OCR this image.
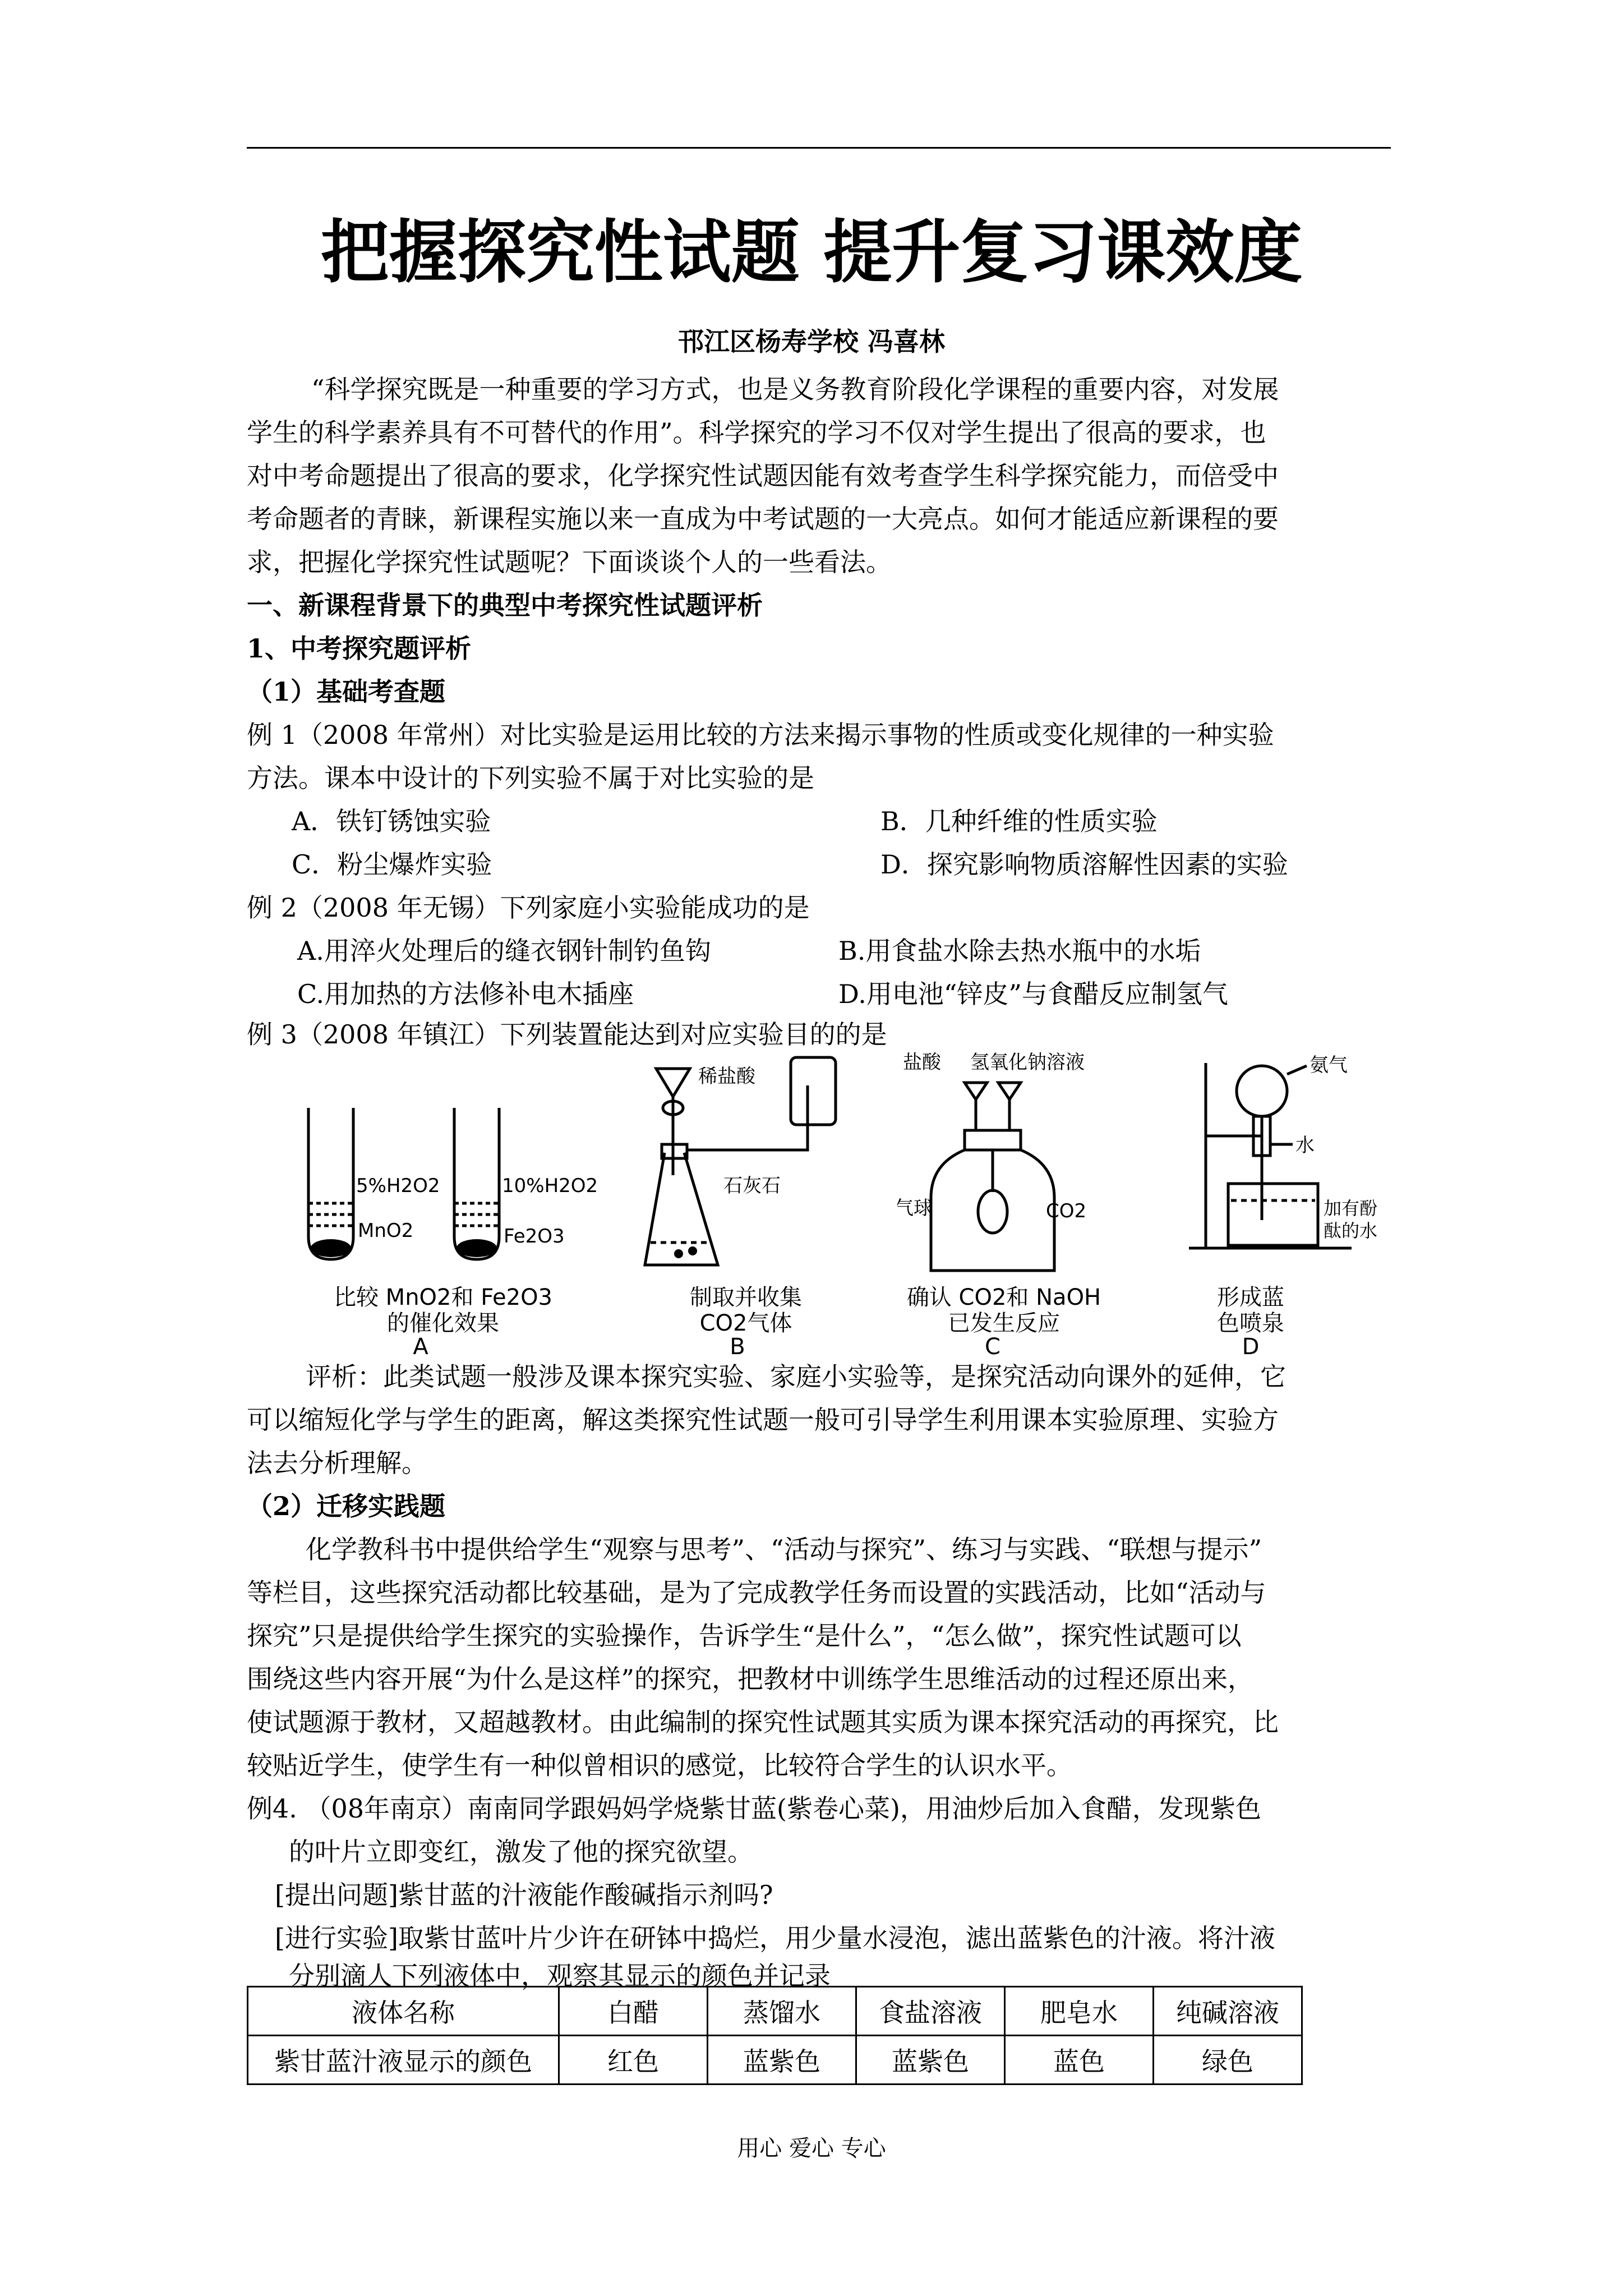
把握探究性试题 提升复习课效度
邗江区杨寿学校 冯喜林
“科学探究既是一种重要的学习方式，也是义务教育阶段化学课程的重要内容，对发展
学生的科学素养具有不可替代的作用”。科学探究的学习不仅对学生提出了很高的要求，也
对中考命题提出了很高的要求，化学探究性试题因能有效考查学生科学探究能力，而倍受中
考命题者的青睐，新课程实施以来一直成为中考试题的一大亮点。如何才能适应新课程的要
求，把握化学探究性试题呢？下面谈谈个人的一些看法。
一、新课程背景下的典型中考探究性试题评析
1、中考探究题评析
（1）基础考查题
例 1（2008 年常州）对比实验是运用比较的方法来揭示事物的性质或变化规律的一种实验
方法。课本中设计的下列实验不属于对比实验的是
A．铁钉锈蚀实验	B．几种纤维的性质实验
C．粉尘爆炸实验	D．探究影响物质溶解性因素的实验
例 2（2008 年无锡）下列家庭小实验能成功的是
A.用淬火处理后的缝衣钢针制钓鱼钩	B.用食盐水除去热水瓶中的水垢
C.用加热的方法修补电木插座	D.用电池“锌皮”与食醋反应制氢气
例 3（2008 年镇江）下列装置能达到对应实验目的的是
5%H2O2
MnO2
10%H2O2
Fe2O3
比较 MnO2和 Fe2O3
的催化效果
A
稀盐酸
石灰石
制取并收集
CO2气体
B
盐酸 氢氧化钠溶液
气球	CO2
确认 CO2和 NaOH
已发生反应
C
氨气
水
加有酚
酞的水
形成蓝
色喷泉
D
评析：此类试题一般涉及课本探究实验、家庭小实验等，是探究活动向课外的延伸，它
可以缩短化学与学生的距离，解这类探究性试题一般可引导学生利用课本实验原理、实验方
法去分析理解。
（2）迁移实践题
化学教科书中提供给学生“观察与思考”、“活动与探究”、练习与实践、“联想与提示”
等栏目，这些探究活动都比较基础，是为了完成教学任务而设置的实践活动，比如“活动与
探究”只是提供给学生探究的实验操作，告诉学生“是什么”，“怎么做”，探究性试题可以
围绕这些内容开展“为什么是这样”的探究，把教材中训练学生思维活动的过程还原出来，
使试题源于教材，又超越教材。由此编制的探究性试题其实质为课本探究活动的再探究，比
较贴近学生，使学生有一种似曾相识的感觉，比较符合学生的认识水平。
例4. （08年南京）南南同学跟妈妈学烧紫甘蓝(紫卷心菜)，用油炒后加入食醋，发现紫色
的叶片立即变红，激发了他的探究欲望。
[提出问题]紫甘蓝的汁液能作酸碱指示剂吗?
[进行实验]取紫甘蓝叶片少许在研钵中捣烂，用少量水浸泡，滤出蓝紫色的汁液。将汁液
分别滴人下列液体中，观察其显示的颜色并记录
液体名称	白醋	蒸馏水	食盐溶液	肥皂水	纯碱溶液
紫甘蓝汁液显示的颜色	红色	蓝紫色	蓝紫色	蓝色	绿色
用心 爱心 专心
